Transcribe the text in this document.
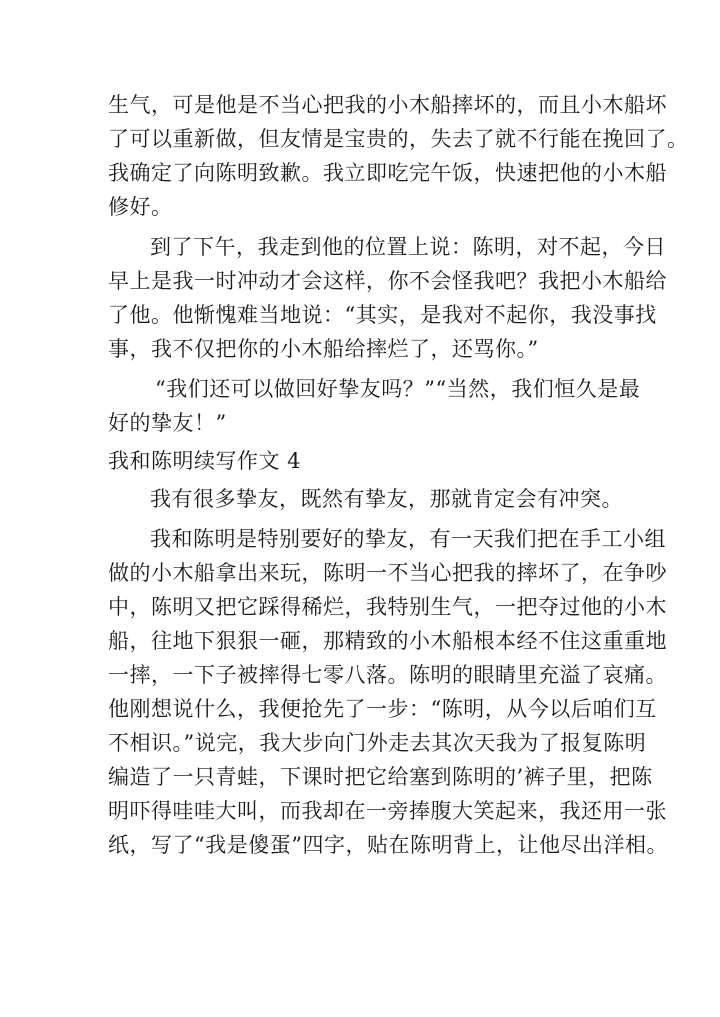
生气，可是他是不当心把我的小木船摔坏的，而且小木船坏
了可以重新做，但友情是宝贵的，失去了就不行能在挽回了。
我确定了向陈明致歉。我立即吃完午饭，快速把他的小木船
修好。

到了下午，我走到他的位置上说：陈明，对不起，今日
早上是我一时冲动才会这样，你不会怪我吧？我把小木船给
了他。他惭愧难当地说：“其实，是我对不起你，我没事找
事，我不仅把你的小木船给摔烂了，还骂你。”

“我们还可以做回好挚友吗？”“当然，我们恒久是最
好的挚友！”

我和陈明续写作文 4

我有很多挚友，既然有挚友，那就肯定会有冲突。

我和陈明是特别要好的挚友，有一天我们把在手工小组
做的小木船拿出来玩，陈明一不当心把我的摔坏了，在争吵
中，陈明又把它踩得稀烂，我特别生气，一把夺过他的小木
船，往地下狠狠一砸，那精致的小木船根本经不住这重重地
一摔，一下子被摔得七零八落。陈明的眼睛里充溢了哀痛。
他刚想说什么，我便抢先了一步：“陈明，从今以后咱们互
不相识。”说完，我大步向门外走去其次天我为了报复陈明
编造了一只青蛙，下课时把它给塞到陈明的’裤子里，把陈
明吓得哇哇大叫，而我却在一旁捧腹大笑起来，我还用一张
纸，写了“我是傻蛋”四字，贴在陈明背上，让他尽出洋相。
